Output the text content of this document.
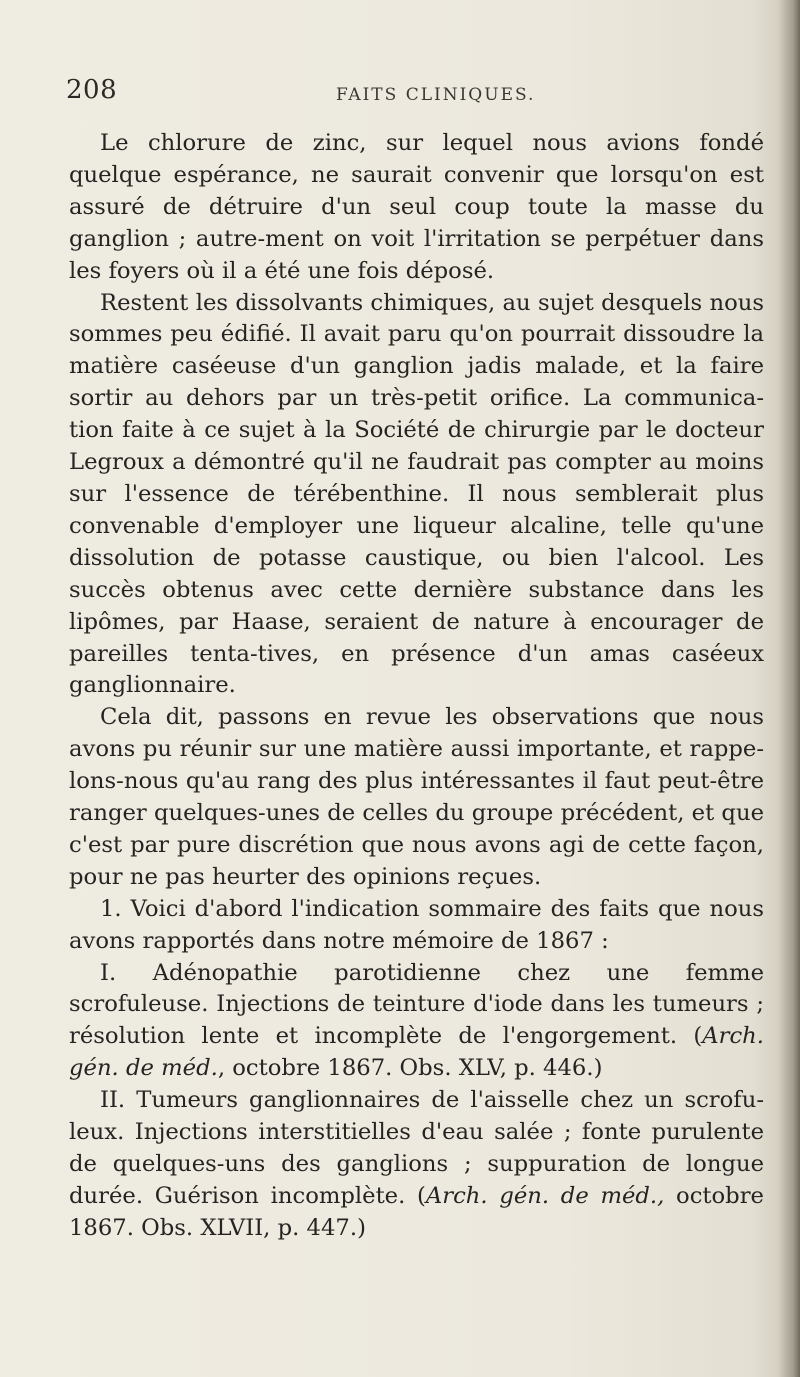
208	FAITS CLINIQUES.

Le chlorure de zinc, sur lequel nous avions fondé quelque espérance, ne saurait convenir que lorsqu'on est assuré de détruire d'un seul coup toute la masse du ganglion ; autre-ment on voit l'irritation se perpétuer dans les foyers où il a été une fois déposé.

Restent les dissolvants chimiques, au sujet desquels nous sommes peu édifié. Il avait paru qu'on pourrait dissoudre la matière caséeuse d'un ganglion jadis malade, et la faire sortir au dehors par un très-petit orifice. La communica-tion faite à ce sujet à la Société de chirurgie par le docteur Legroux a démontré qu'il ne faudrait pas compter au moins sur l'essence de térébenthine. Il nous semblerait plus convenable d'employer une liqueur alcaline, telle qu'une dissolution de potasse caustique, ou bien l'alcool. Les succès obtenus avec cette dernière substance dans les lipômes, par Haase, seraient de nature à encourager de pareilles tenta-tives, en présence d'un amas caséeux ganglionnaire.

Cela dit, passons en revue les observations que nous avons pu réunir sur une matière aussi importante, et rappe-lons-nous qu'au rang des plus intéressantes il faut peut-être ranger quelques-unes de celles du groupe précédent, et que c'est par pure discrétion que nous avons agi de cette façon, pour ne pas heurter des opinions reçues.

1. Voici d'abord l'indication sommaire des faits que nous avons rapportés dans notre mémoire de 1867 :

I. Adénopathie parotidienne chez une femme scrofuleuse. Injections de teinture d'iode dans les tumeurs ; résolution lente et incomplète de l'engorgement. (Arch. gén. de méd., octobre 1867. Obs. XLV, p. 446.)

II. Tumeurs ganglionnaires de l'aisselle chez un scrofu-leux. Injections interstitielles d'eau salée ; fonte purulente de quelques-uns des ganglions ; suppuration de longue durée. Guérison incomplète. (Arch. gén. de méd., octobre 1867. Obs. XLVII, p. 447.)
